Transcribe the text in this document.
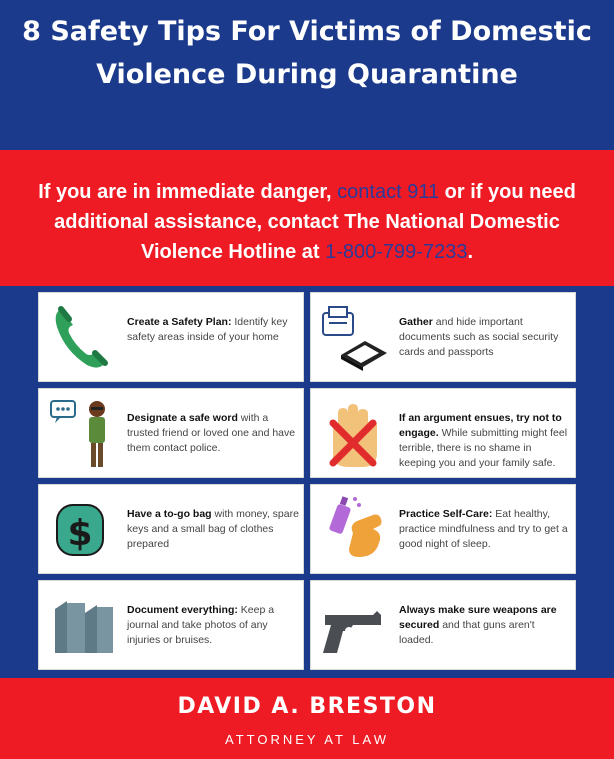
8 Safety Tips For Victims of Domestic Violence During Quarantine

If you are in immediate danger, contact 911 or if you need additional assistance, contact The National Domestic Violence Hotline at 1-800-799-7233.

Create a Safety Plan: Identify key safety areas inside of your home
Gather and hide important documents such as social security cards and passports
Designate a safe word with a trusted friend or loved one and have them contact police.
If an argument ensues, try not to engage. While submitting might feel terrible, there is no shame in keeping you and your family safe.
$	Have a to-go bag with money, spare keys and a small bag of clothes prepared
Practice Self-Care: Eat healthy, practice mindfulness and try to get a good night of sleep.
Document everything: Keep a journal and take photos of any injuries or bruises.
Always make sure weapons are secured and that guns aren't loaded.
DAVID A. BRESTON
ATTORNEY AT LAW
